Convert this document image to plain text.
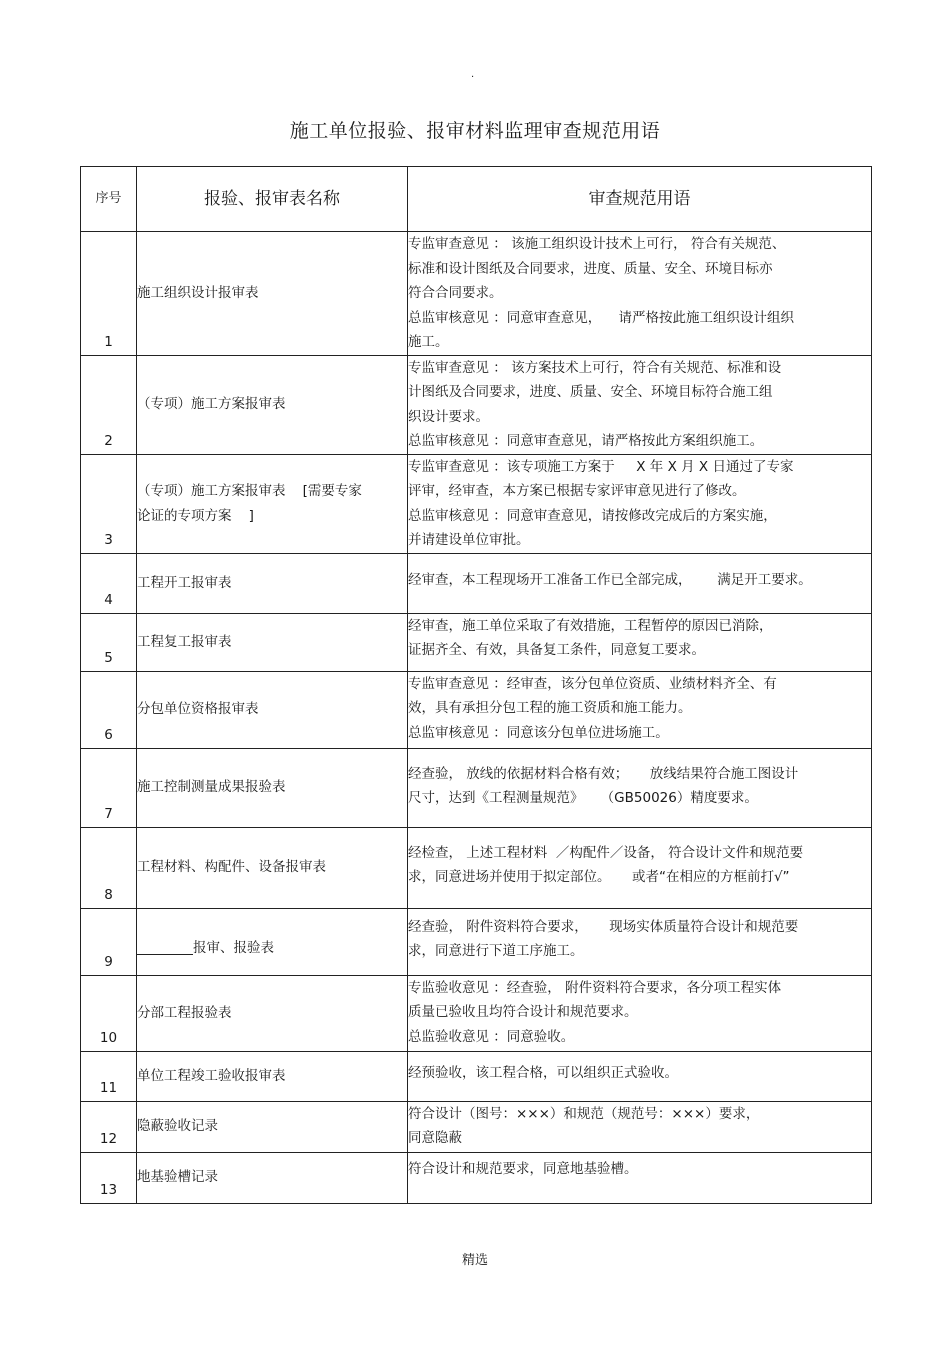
.
施工单位报验、报审材料监理审查规范用语
序号	报验、报审表名称	审查规范用语
1	施工组织设计报审表	专监审查意见 ： 该施工组织设计技术上可行， 符合有关规范、
标准和设计图纸及合同要求，进度、质量、安全、环境目标亦
符合合同要求。
总监审核意见 ：同意审查意见，    请严格按此施工组织设计组织
施工。

2	（专项）施工方案报审表	专监审查意见 ： 该方案技术上可行，符合有关规范、标准和设
计图纸及合同要求，进度、质量、安全、环境目标符合施工组
织设计要求。
总监审核意见 ：同意审查意见，请严格按此方案组织施工。

3	（专项）施工方案报审表    [需要专家
论证的专项方案    ]	专监审查意见 ：该专项施工方案于     X 年 X 月 X 日通过了专家
评审，经审查，本方案已根据专家评审意见进行了修改。
总监审核意见 ：同意审查意见，请按修改完成后的方案实施，
并请建设单位审批。

4	工程开工报审表	经审查，本工程现场开工准备工作已全部完成，      满足开工要求。

5	工程复工报审表	经审查，施工单位采取了有效措施，工程暂停的原因已消除，
证据齐全、有效，具备复工条件，同意复工要求。

6	分包单位资格报审表	专监审查意见 ：经审查，该分包单位资质、业绩材料齐全、有
效，具有承担分包工程的施工资质和施工能力。
总监审核意见 ：同意该分包单位进场施工。

7	施工控制测量成果报验表	经查验， 放线的依据材料合格有效；     放线结果符合施工图设计
尺寸，达到《工程测量规范》    （GB50026）精度要求。

8	工程材料、构配件、设备报审表	经检查， 上述工程材料  ／构配件／设备， 符合设计文件和规范要
求，同意进场并使用于拟定部位。     或者“在相应的方框前打√”

9	报审、报验表	经查验， 附件资料符合要求，     现场实体质量符合设计和规范要
求，同意进行下道工序施工。

10	分部工程报验表	专监验收意见 ：经查验， 附件资料符合要求，各分项工程实体
质量已验收且均符合设计和规范要求。
总监验收意见 ：同意验收。

11	单位工程竣工验收报审表	经预验收，该工程合格，可以组织正式验收。

12	隐蔽验收记录	符合设计（图号：×××）和规范（规范号：×××）要求，
同意隐蔽

13	地基验槽记录	符合设计和规范要求，同意地基验槽。
精选
